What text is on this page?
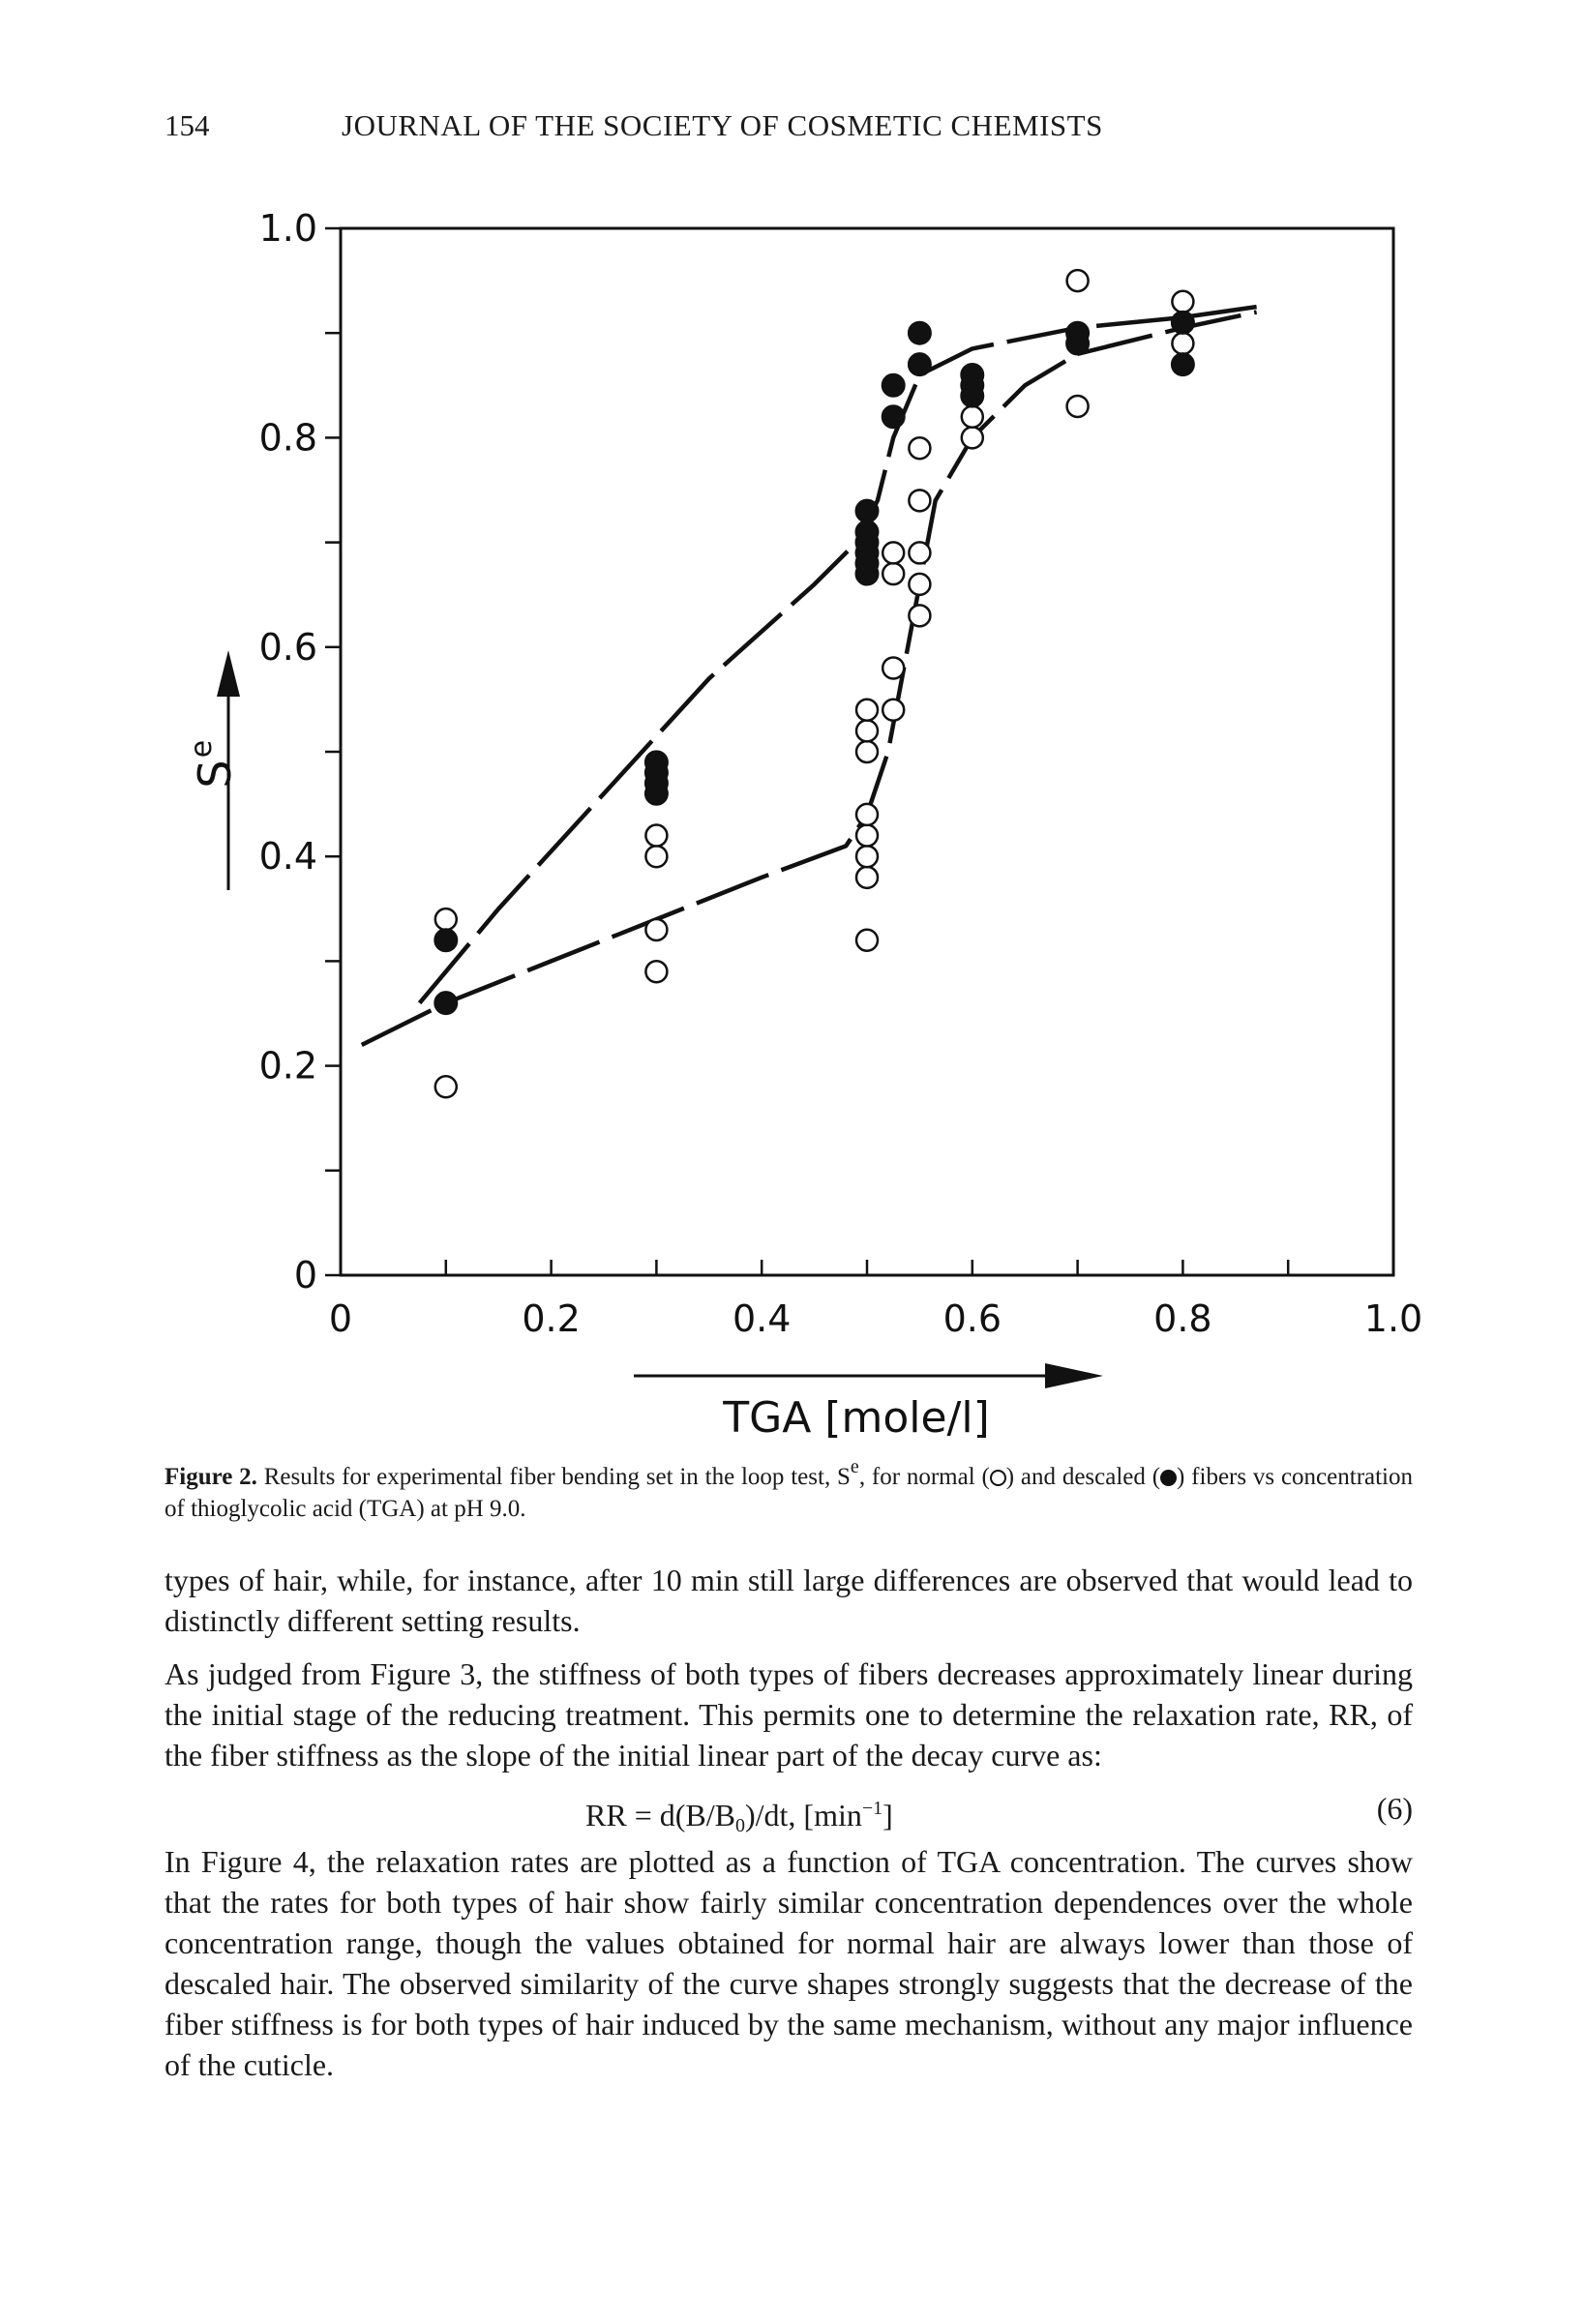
154	JOURNAL OF THE SOCIETY OF COSMETIC CHEMISTS
0	0.2	0.4	0.6	0.8	1.0
0
0.2
0.4
0.6
0.8
1.0
TGA [mole/l]
S
e
Figure 2. Results for experimental fiber bending set in the loop test, $S^e$, for normal ( ) and descaled ( ) fibers vs concentration of thioglycolic acid (TGA) at pH 9.0.

types of hair, while, for instance, after 10 min still large differences are observed that would lead to distinctly different setting results.

As judged from Figure 3, the stiffness of both types of fibers decreases approximately linear during the initial stage of the reducing treatment. This permits one to determine the relaxation rate, RR, of the fiber stiffness as the slope of the initial linear part of the decay curve as:

RR = $d(B/B_0)/dt$, $[\min^{-1}]$	(6)

In Figure 4, the relaxation rates are plotted as a function of TGA concentration. The curves show that the rates for both types of hair show fairly similar concentration dependences over the whole concentration range, though the values obtained for normal hair are always lower than those of descaled hair. The observed similarity of the curve shapes strongly suggests that the decrease of the fiber stiffness is for both types of hair induced by the same mechanism, without any major influence of the cuticle.
